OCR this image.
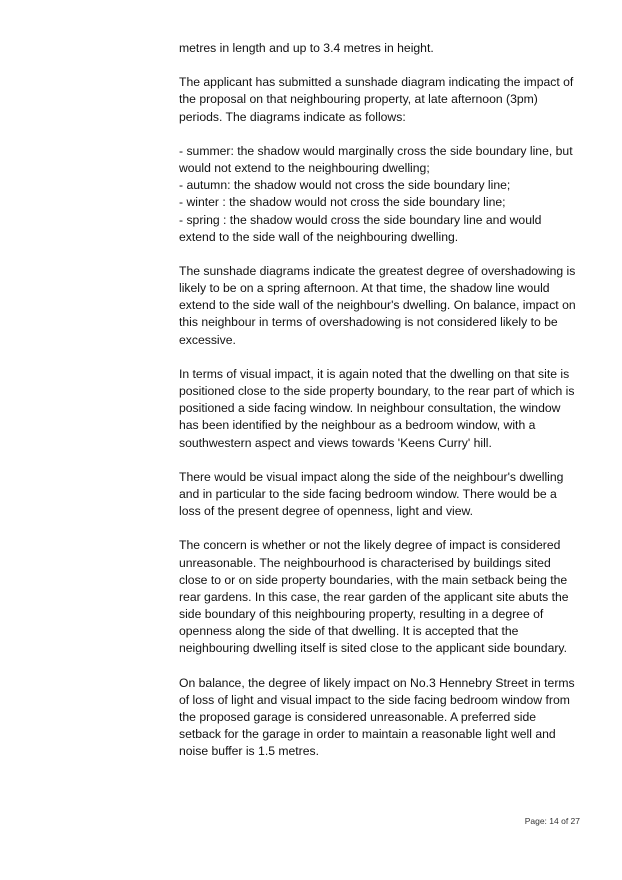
metres in length and up to 3.4 metres in height.

The applicant has submitted a sunshade diagram indicating the impact of
the proposal on that neighbouring property, at late afternoon (3pm)
periods. The diagrams indicate as follows:

- summer: the shadow would marginally cross the side boundary line, but
would not extend to the neighbouring dwelling;
- autumn: the shadow would not cross the side boundary line;
- winter : the shadow would not cross the side boundary line;
- spring : the shadow would cross the side boundary line and would
extend to the side wall of the neighbouring dwelling.

The sunshade diagrams indicate the greatest degree of overshadowing is
likely to be on a spring afternoon. At that time, the shadow line would
extend to the side wall of the neighbour's dwelling. On balance, impact on
this neighbour in terms of overshadowing is not considered likely to be
excessive.

In terms of visual impact, it is again noted that the dwelling on that site is
positioned close to the side property boundary, to the rear part of which is
positioned a side facing window. In neighbour consultation, the window
has been identified by the neighbour as a bedroom window, with a
southwestern aspect and views towards 'Keens Curry' hill.

There would be visual impact along the side of the neighbour's dwelling
and in particular to the side facing bedroom window. There would be a
loss of the present degree of openness, light and view.

The concern is whether or not the likely degree of impact is considered
unreasonable. The neighbourhood is characterised by buildings sited
close to or on side property boundaries, with the main setback being the
rear gardens. In this case, the rear garden of the applicant site abuts the
side boundary of this neighbouring property, resulting in a degree of
openness along the side of that dwelling. It is accepted that the
neighbouring dwelling itself is sited close to the applicant side boundary.

On balance, the degree of likely impact on No.3 Hennebry Street in terms
of loss of light and visual impact to the side facing bedroom window from
the proposed garage is considered unreasonable. A preferred side
setback for the garage in order to maintain a reasonable light well and
noise buffer is 1.5 metres.

Page: 14 of 27
